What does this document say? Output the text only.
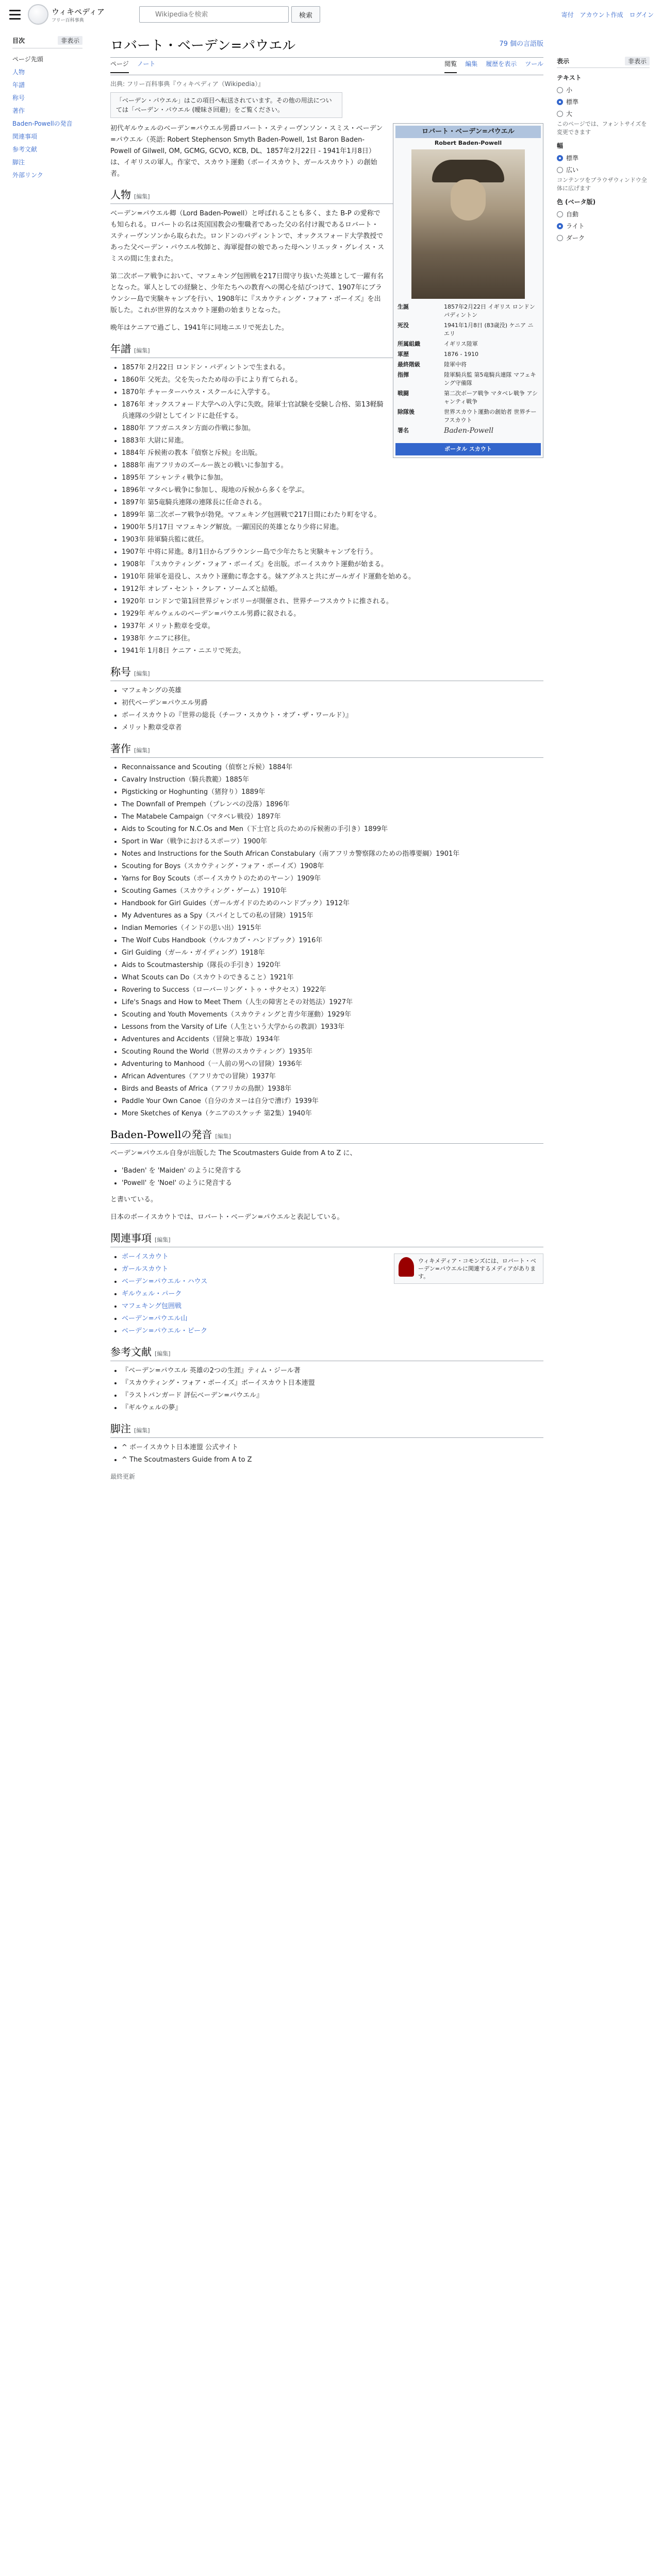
ウィキペディア
フリー百科事典
Wikipediaを検索
検索	寄付 アカウント作成 ログイン
目次	非表示
ページ先頭
人物
年譜
称号
著作
Baden-Powellの発音
関連事項
参考文献
脚注
外部リンク
表示	非表示
テキスト
小
標準
大
このページでは、フォントサイズを変更できます
幅
標準
広い
コンテンツをブラウザウィンドウ全体に広げます
色 (ベータ版)
自動
ライト
ダーク
ロバート・ベーデン=パウエル	79 個の言語版
ページ ノート	閲覧 編集 履歴を表示 ツール
出典: フリー百科事典『ウィキペディア（Wikipedia）』
「ベーデン・パウエル」はこの項目へ転送されています。その他の用法については「ベーデン・パウエル (曖昧さ回避)」をご覧ください。
ロバート・ベーデン=パウエル
Robert Baden-Powell
生誕	1857年2月22日 イギリス ロンドン パディントン
死没	1941年1月8日 (83歳没) ケニア ニエリ
所属組織	イギリス陸軍
軍歴	1876 - 1910
最終階級	陸軍中将
指揮	陸軍騎兵監 第5竜騎兵連隊 マフェキング守備隊
戦闘	第二次ボーア戦争 マタベレ戦争 アシャンティ戦争
除隊後	世界スカウト運動の創始者 世界チーフスカウト
署名	Baden-Powell
ポータル スカウト

初代ギルウェルのベーデン=パウエル男爵ロバート・スティーヴンソン・スミス・ベーデン=パウエル（英語: Robert Stephenson Smyth Baden-Powell, 1st Baron Baden-Powell of Gilwell, OM, GCMG, GCVO, KCB, DL、1857年2月22日 - 1941年1月8日）は、イギリスの軍人。作家で、スカウト運動（ボーイスカウト、ガールスカウト）の創始者。

人物 [編集]

ベーデン=パウエル卿（Lord Baden-Powell）と呼ばれることも多く、また B-P の愛称でも知られる。ロバートの名は英国国教会の聖職者であった父の名付け親であるロバート・スティーヴンソンから取られた。ロンドンのパディントンで、オックスフォード大学教授であった父ベーデン・パウエル牧師と、海軍提督の娘であった母ヘンリエッタ・グレイス・スミスの間に生まれた。

第二次ボーア戦争において、マフェキング包囲戦を217日間守り抜いた英雄として一躍有名となった。軍人としての経験と、少年たちへの教育への関心を結びつけて、1907年にブラウンシー島で実験キャンプを行い、1908年に『スカウティング・フォア・ボーイズ』を出版した。これが世界的なスカウト運動の始まりとなった。

晩年はケニアで過ごし、1941年に同地ニエリで死去した。

年譜 [編集]
• 1857年 2月22日 ロンドン・パディントンで生まれる。
• 1860年 父死去。父を失ったため母の手により育てられる。
• 1870年 チャーターハウス・スクールに入学する。
• 1876年 オックスフォード大学への入学に失敗。陸軍士官試験を受験し合格、第13軽騎兵連隊の少尉としてインドに赴任する。
• 1880年 アフガニスタン方面の作戦に参加。
• 1883年 大尉に昇進。
• 1884年 斥候術の教本『偵察と斥候』を出版。
• 1888年 南アフリカのズールー族との戦いに参加する。
• 1895年 アシャンティ戦争に参加。
• 1896年 マタベレ戦争に参加し、現地の斥候から多くを学ぶ。
• 1897年 第5竜騎兵連隊の連隊長に任命される。
• 1899年 第二次ボーア戦争が勃発。マフェキング包囲戦で217日間にわたり町を守る。
• 1900年 5月17日 マフェキング解放。一躍国民的英雄となり少将に昇進。
• 1903年 陸軍騎兵監に就任。
• 1907年 中将に昇進。8月1日からブラウンシー島で少年たちと実験キャンプを行う。
• 1908年 『スカウティング・フォア・ボーイズ』を出版。ボーイスカウト運動が始まる。
• 1910年 陸軍を退役し、スカウト運動に専念する。妹アグネスと共にガールガイド運動を始める。
• 1912年 オレブ・セント・クレア・ソームズと結婚。
• 1920年 ロンドンで第1回世界ジャンボリーが開催され、世界チーフスカウトに推される。
• 1929年 ギルウェルのベーデン=パウエル男爵に叙される。
• 1937年 メリット勲章を受章。
• 1938年 ケニアに移住。
• 1941年 1月8日 ケニア・ニエリで死去。
称号 [編集]
• マフェキングの英雄
• 初代ベーデン=パウエル男爵
• ボーイスカウトの『世界の総長（チーフ・スカウト・オブ・ザ・ワールド）』
• メリット勲章受章者
著作 [編集]
• Reconnaissance and Scouting（偵察と斥候）1884年
• Cavalry Instruction（騎兵教範）1885年
• Pigsticking or Hoghunting（猪狩り）1889年
• The Downfall of Prempeh（プレンペの没落）1896年
• The Matabele Campaign（マタベレ戦役）1897年
• Aids to Scouting for N.C.Os and Men（下士官と兵のための斥候術の手引き）1899年
• Sport in War（戦争におけるスポーツ）1900年
• Notes and Instructions for the South African Constabulary（南アフリカ警察隊のための指導要綱）1901年
• Scouting for Boys（スカウティング・フォア・ボーイズ）1908年
• Yarns for Boy Scouts（ボーイスカウトのためのヤーン）1909年
• Scouting Games（スカウティング・ゲーム）1910年
• Handbook for Girl Guides（ガールガイドのためのハンドブック）1912年
• My Adventures as a Spy（スパイとしての私の冒険）1915年
• Indian Memories（インドの思い出）1915年
• The Wolf Cubs Handbook（ウルフカブ・ハンドブック）1916年
• Girl Guiding（ガール・ガイディング）1918年
• Aids to Scoutmastership（隊長の手引き）1920年
• What Scouts can Do（スカウトのできること）1921年
• Rovering to Success（ローバーリング・トゥ・サクセス）1922年
• Life's Snags and How to Meet Them（人生の障害とその対処法）1927年
• Scouting and Youth Movements（スカウティングと青少年運動）1929年
• Lessons from the Varsity of Life（人生という大学からの教訓）1933年
• Adventures and Accidents（冒険と事故）1934年
• Scouting Round the World（世界のスカウティング）1935年
• Adventuring to Manhood（一人前の男への冒険）1936年
• African Adventures（アフリカでの冒険）1937年
• Birds and Beasts of Africa（アフリカの鳥獣）1938年
• Paddle Your Own Canoe（自分のカヌーは自分で漕げ）1939年
• More Sketches of Kenya（ケニアのスケッチ 第2集）1940年
Baden-Powellの発音 [編集]

ベーデン=パウエル自身が出版した The Scoutmasters Guide from A to Z に、

• 'Baden' を 'Maiden' のように発音する
• 'Powell' を 'Noel' のように発音する

と書いている。

日本のボーイスカウトでは、ロバート・ベーデン=パウエルと表記している。

関連事項 [編集]
ウィキメディア・コモンズには、ロバート・ベーデン=パウエルに関連するメディアがあります。
• ボーイスカウト
• ガールスカウト
• ベーデン=パウエル・ハウス
• ギルウェル・パーク
• マフェキング包囲戦
• ベーデン=パウエル山
• ベーデン=パウエル・ピーク
参考文献 [編集]
• 『ベーデン=パウエル 英雄の2つの生涯』ティム・ジール著
• 『スカウティング・フォア・ボーイズ』ボーイスカウト日本連盟
• 『ラストバンガード 評伝ベーデン=パウエル』
• 『ギルウェルの夢』
脚注 [編集]
• ^ ボーイスカウト日本連盟 公式サイト
• ^ The Scoutmasters Guide from A to Z
最終更新
